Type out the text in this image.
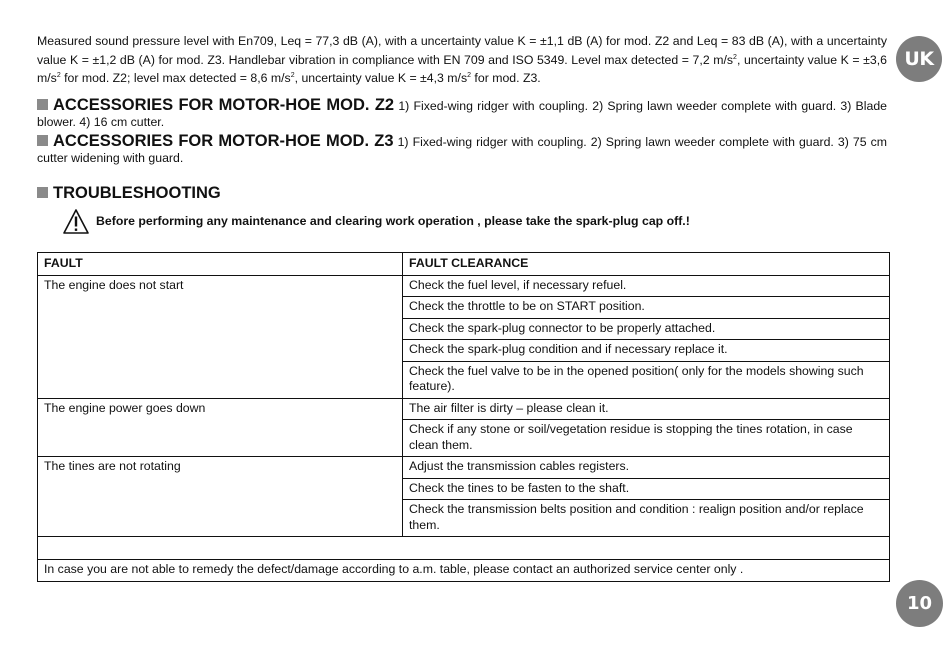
Measured sound pressure level with En709, Leq = 77,3 dB (A), with a uncertainty value K = ±1,1 dB (A) for mod. Z2 and Leq = 83 dB (A), with a uncertainty value K = ±1,2 dB (A) for mod. Z3. Handlebar vibration in compliance with EN 709 and ISO 5349. Level max detected = 7,2 $m/s^2$, uncertainty value K = ±3,6 $m/s^2$ for mod. Z2; level max detected = 8,6 $m/s^2$, uncertainty value K = ±4,3 $m/s^2$ for mod. Z3.

UK

ACCESSORIES FOR MOTOR-HOE MOD. Z2 1) Fixed-wing ridger with coupling. 2) Spring lawn weeder complete with guard. 3) Blade blower. 4) 16 cm cutter.

ACCESSORIES FOR MOTOR-HOE MOD. Z3 1) Fixed-wing ridger with coupling. 2) Spring lawn weeder complete with guard. 3) 75 cm cutter widening with guard.

TROUBLESHOOTING

Before performing any maintenance and clearing work operation , please take the spark-plug cap off.!
FAULT	FAULT CLEARANCE
The engine does not start	Check the fuel level, if necessary refuel.
	Check the throttle to be on START position.
	Check the spark-plug connector to be properly attached.
	Check the spark-plug condition and if necessary replace it.
	Check the fuel valve to be in the opened position( only for the models showing such feature).
The engine power goes down	The air filter is dirty – please clean it.
	Check if any stone or soil/vegetation residue is stopping the tines rotation, in case clean them.
The tines are not rotating	Adjust the transmission cables registers.
	Check the tines to be fasten to the shaft.
	Check the transmission belts position and condition : realign position and/or replace them.

In case you are not able to remedy the defect/damage according to a.m. table, please contact an authorized service center only .	
10
